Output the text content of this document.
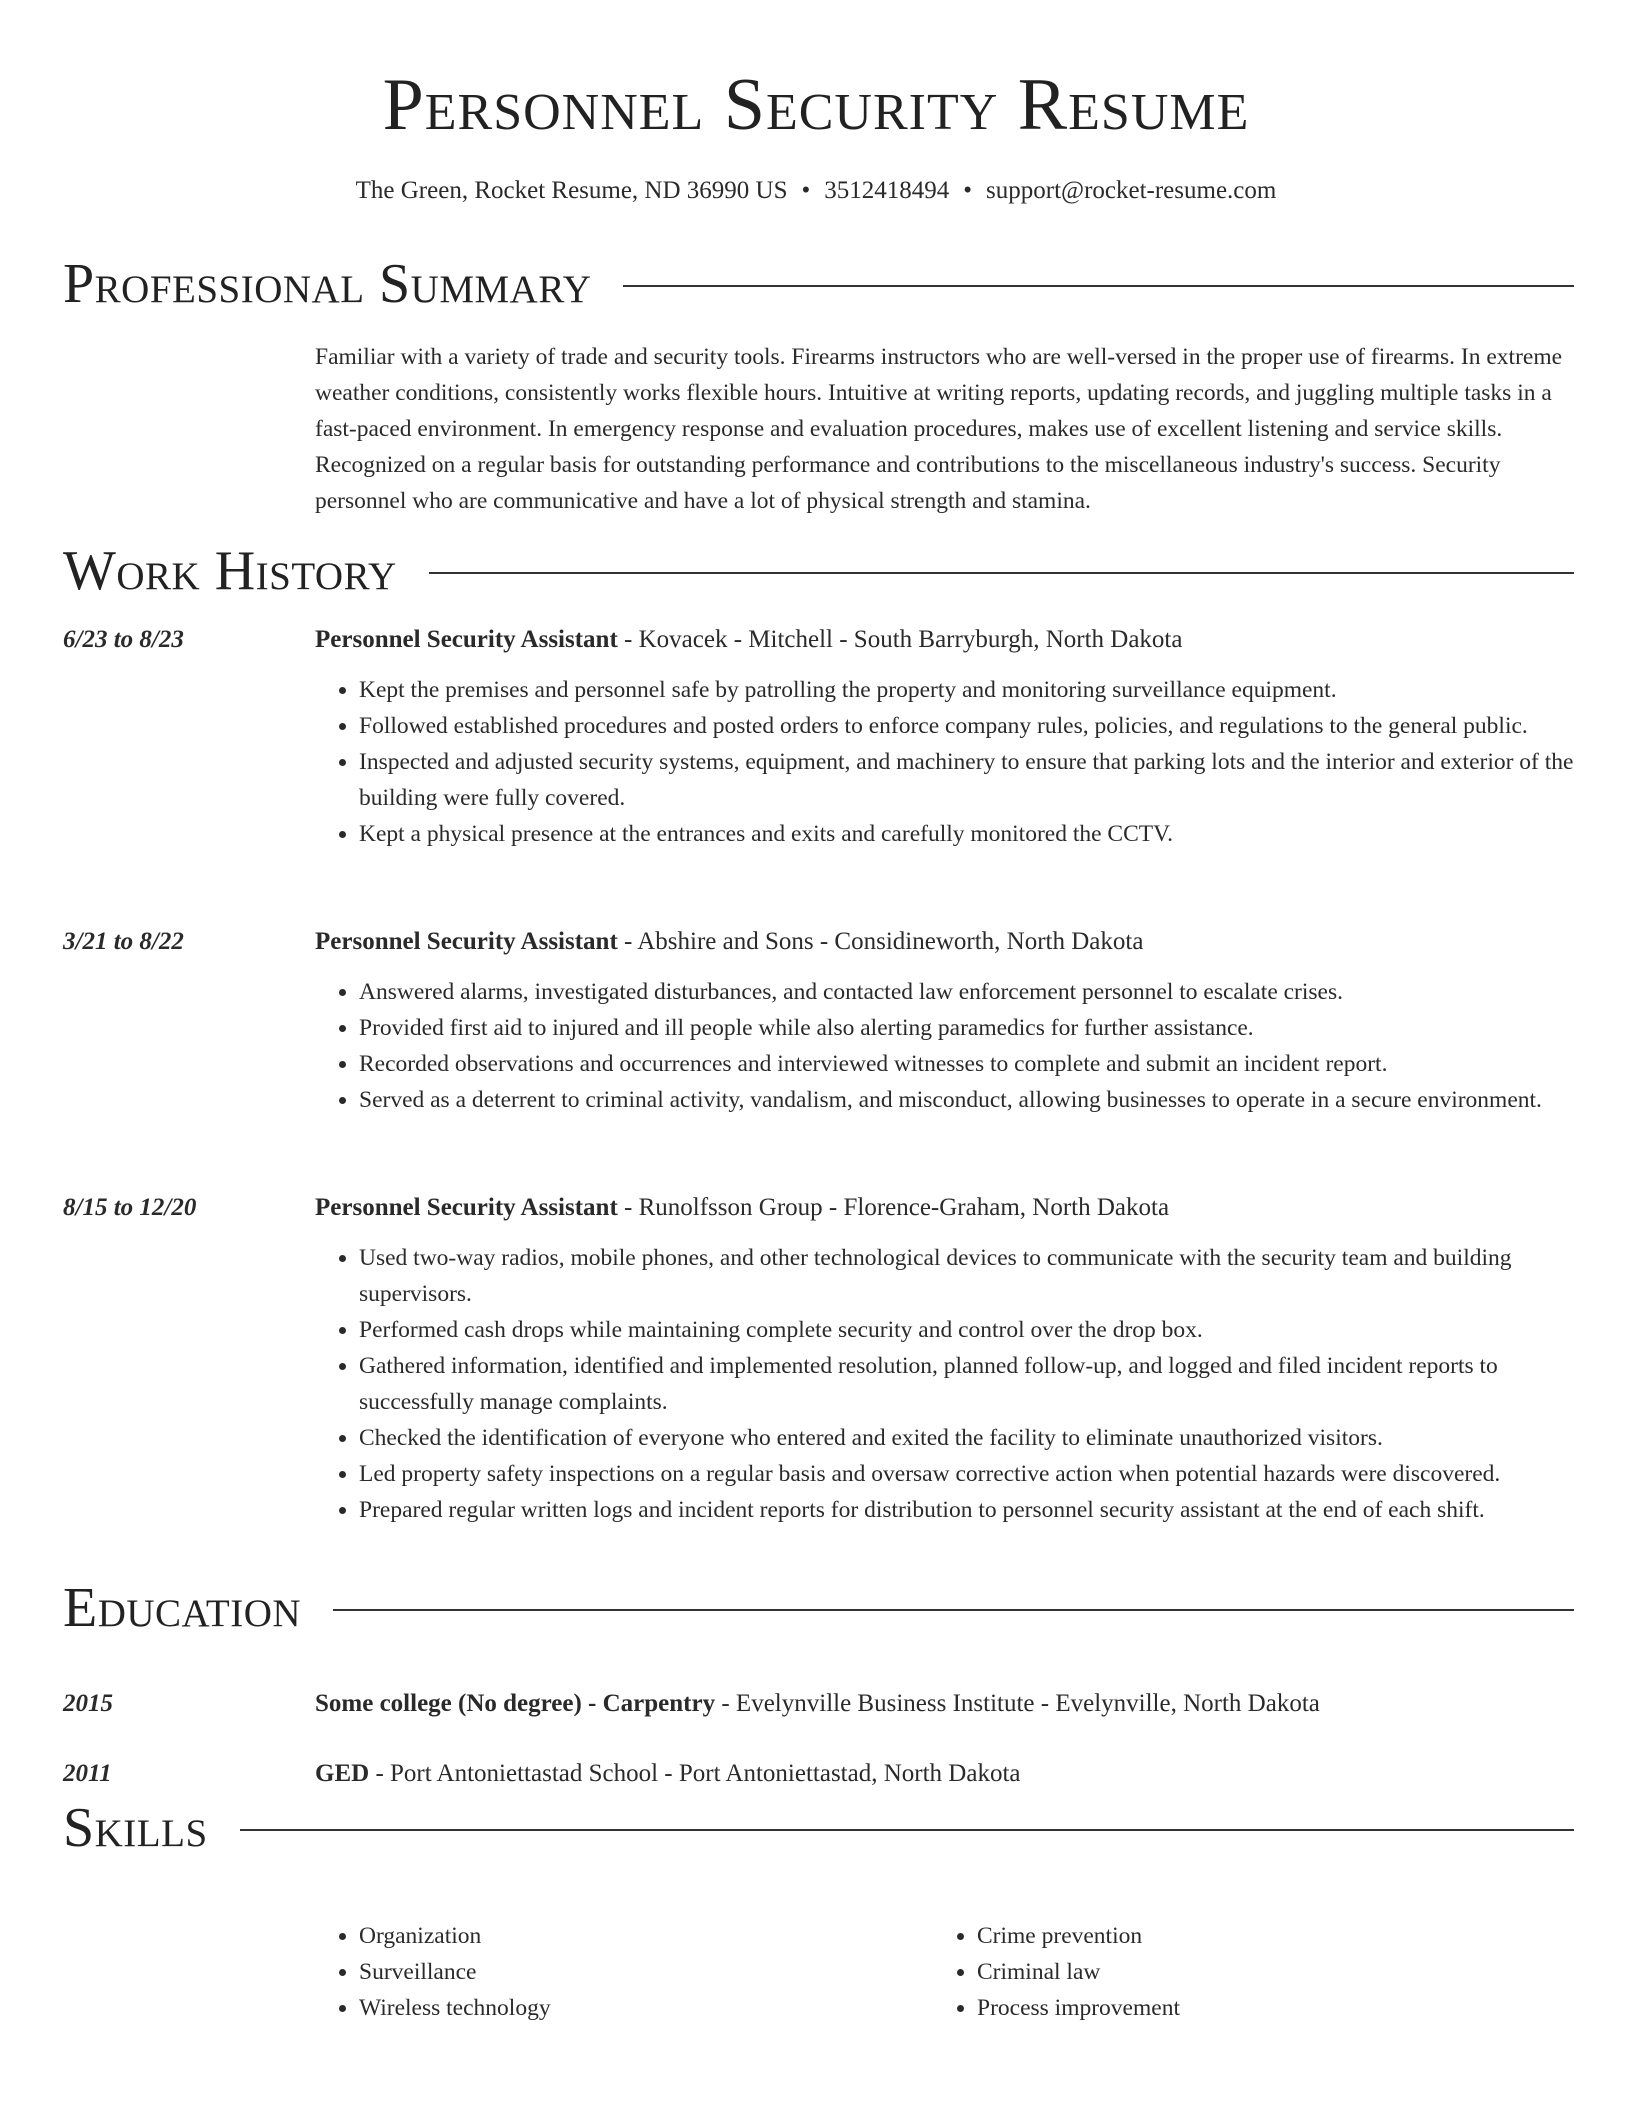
Personnel Security Resume
The Green, Rocket Resume, ND 36990 US • 3512418494 • support@rocket-resume.com
Professional Summary
Familiar with a variety of trade and security tools. Firearms instructors who are well-versed in the proper use of firearms. In extreme weather conditions, consistently works flexible hours. Intuitive at writing reports, updating records, and juggling multiple tasks in a fast-paced environment. In emergency response and evaluation procedures, makes use of excellent listening and service skills. Recognized on a regular basis for outstanding performance and contributions to the miscellaneous industry's success. Security personnel who are communicative and have a lot of physical strength and stamina.
Work History
6/23 to 8/23	Personnel Security Assistant - Kovacek - Mitchell - South Barryburgh, North Dakota
• Kept the premises and personnel safe by patrolling the property and monitoring surveillance equipment.
• Followed established procedures and posted orders to enforce company rules, policies, and regulations to the general public.
• Inspected and adjusted security systems, equipment, and machinery to ensure that parking lots and the interior and exterior of the building were fully covered.
• Kept a physical presence at the entrances and exits and carefully monitored the CCTV.
3/21 to 8/22	Personnel Security Assistant - Abshire and Sons - Considineworth, North Dakota
• Answered alarms, investigated disturbances, and contacted law enforcement personnel to escalate crises.
• Provided first aid to injured and ill people while also alerting paramedics for further assistance.
• Recorded observations and occurrences and interviewed witnesses to complete and submit an incident report.
• Served as a deterrent to criminal activity, vandalism, and misconduct, allowing businesses to operate in a secure environment.
8/15 to 12/20	Personnel Security Assistant - Runolfsson Group - Florence-Graham, North Dakota
• Used two-way radios, mobile phones, and other technological devices to communicate with the security team and building supervisors.
• Performed cash drops while maintaining complete security and control over the drop box.
• Gathered information, identified and implemented resolution, planned follow-up, and logged and filed incident reports to successfully manage complaints.
• Checked the identification of everyone who entered and exited the facility to eliminate unauthorized visitors.
• Led property safety inspections on a regular basis and oversaw corrective action when potential hazards were discovered.
• Prepared regular written logs and incident reports for distribution to personnel security assistant at the end of each shift.
Education
2015	Some college (No degree) - Carpentry - Evelynville Business Institute - Evelynville, North Dakota
2011	GED - Port Antoniettastad School - Port Antoniettastad, North Dakota
Skills
• Organization
• Surveillance
• Wireless technology
• Crime prevention
• Criminal law
• Process improvement
